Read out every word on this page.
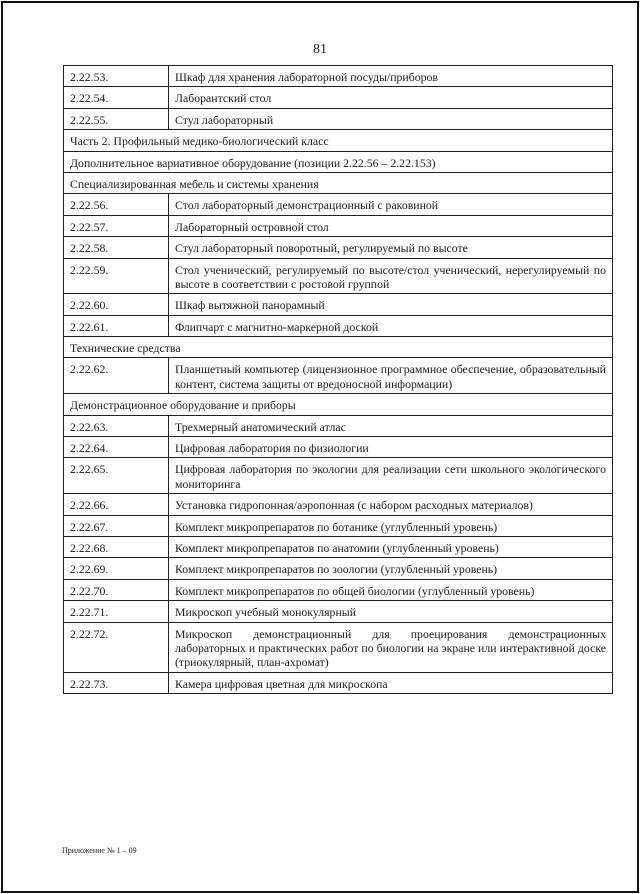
81
2.22.53.	Шкаф для хранения лабораторной посуды/приборов
2.22.54.	Лаборантский стол
2.22.55.	Стул лабораторный
Часть 2. Профильный медико-биологический класс	
Дополнительное вариативное оборудование (позиции 2.22.56 – 2.22.153)	
Специализированная мебель и системы хранения	
2.22.56.	Стол лабораторный демонстрационный с раковиной
2.22.57.	Лабораторный островной стол
2.22.58.	Стул лабораторный поворотный, регулируемый по высоте
2.22.59.	Стол ученический, регулируемый по высоте/стол ученический, нерегулируемый по высоте в соответствии с ростовой группой
2.22.60.	Шкаф вытяжной панорамный
2.22.61.	Флипчарт с магнитно-маркерной доской
Технические средства	
2.22.62.	Планшетный компьютер (лицензионное программное обеспечение, образовательный контент, система защиты от вредоносной информации)
Демонстрационное оборудование и приборы	
2.22.63.	Трехмерный анатомический атлас
2.22.64.	Цифровая лаборатория по физиологии
2.22.65.	Цифровая лаборатория по экологии для реализации сети школьного экологического мониторинга
2.22.66.	Установка гидропонная/аэропонная (с набором расходных материалов)
2.22.67.	Комплект микропрепаратов по ботанике (углубленный уровень)
2.22.68.	Комплект микропрепаратов по анатомии (углубленный уровень)
2.22.69.	Комплект микропрепаратов по зоологии (углубленный уровень)
2.22.70.	Комплект микропрепаратов по общей биологии (углубленный уровень)
2.22.71.	Микроскоп учебный монокулярный
2.22.72.	Микроскоп демонстрационный для проецирования демонстрационных лабораторных и практических работ по биологии на экране или интерактивной доске (триокулярный, план-ахромат)
2.22.73.	Камера цифровая цветная для микроскопа
Приложение № 1 – 09
